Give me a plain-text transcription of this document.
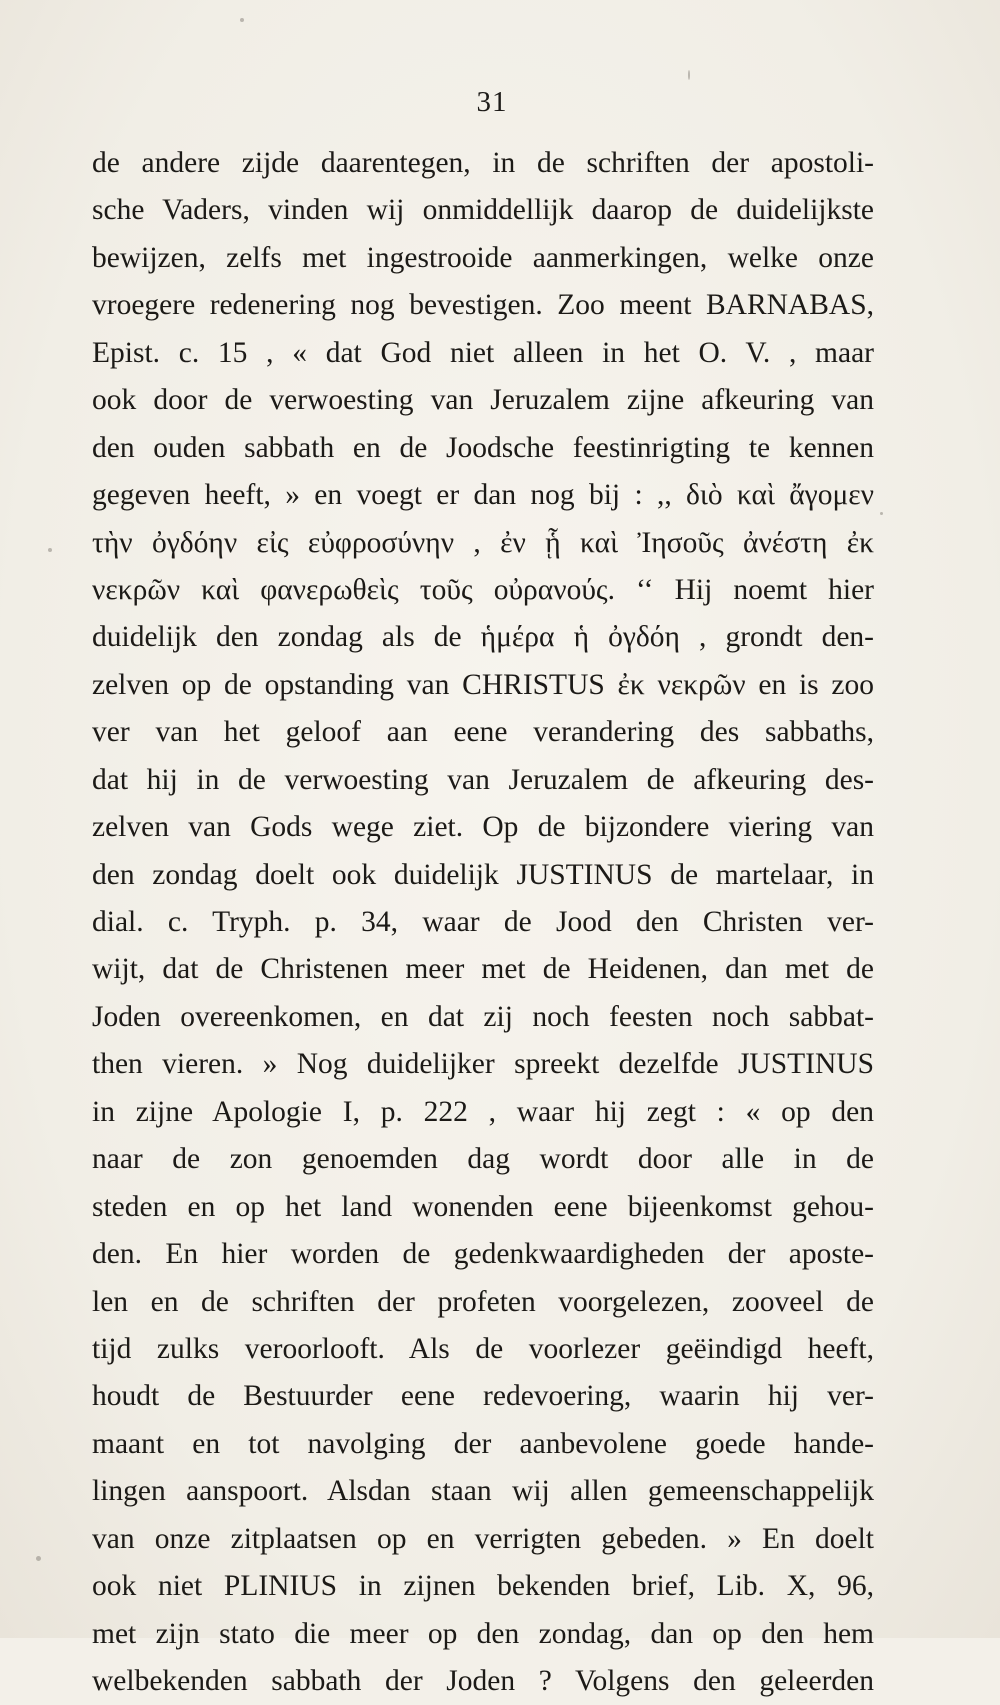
31
de andere zijde daarentegen, in de schriften der apostoli-
sche Vaders, vinden wij onmiddellijk daarop de duidelijkste
bewijzen, zelfs met ingestrooide aanmerkingen, welke onze
vroegere redenering nog bevestigen. Zoo meent BARNABAS,
Epist. c. 15 , « dat God niet alleen in het O. V. , maar
ook door de verwoesting van Jeruzalem zijne afkeuring van
den ouden sabbath en de Joodsche feestinrigting te kennen
gegeven heeft, » en voegt er dan nog bij : ,, διὸ καὶ ἄγομεν
τὴν ὀγδόην εἰς εὐφροσύνην , ἐν ᾗ καὶ Ἰησοῦς ἀνέστη ἐκ
νεκρῶν καὶ φανερωθεὶς τοῦς οὐρανούς. ‘‘ Hij noemt hier
duidelijk den zondag als de ἡμέρα ἡ ὀγδόη , grondt den-
zelven op de opstanding van CHRISTUS ἐκ νεκρῶν en is zoo
ver van het geloof aan eene verandering des sabbaths,
dat hij in de verwoesting van Jeruzalem de afkeuring des-
zelven van Gods wege ziet. Op de bijzondere viering van
den zondag doelt ook duidelijk JUSTINUS de martelaar, in
dial. c. Tryph. p. 34, waar de Jood den Christen ver-
wijt, dat de Christenen meer met de Heidenen, dan met de
Joden overeenkomen, en dat zij noch feesten noch sabbat-
then vieren. » Nog duidelijker spreekt dezelfde JUSTINUS
in zijne Apologie I, p. 222 , waar hij zegt : « op den
naar de zon genoemden dag wordt door alle in de
steden en op het land wonenden eene bijeenkomst gehou-
den. En hier worden de gedenkwaardigheden der aposte-
len en de schriften der profeten voorgelezen, zooveel de
tijd zulks veroorlooft. Als de voorlezer geëindigd heeft,
houdt de Bestuurder eene redevoering, waarin hij ver-
maant en tot navolging der aanbevolene goede hande-
lingen aanspoort. Alsdan staan wij allen gemeenschappelijk
van onze zitplaatsen op en verrigten gebeden. » En doelt
ook niet PLINIUS in zijnen bekenden brief, Lib. X, 96,
met zijn stato die meer op den zondag, dan op den hem
welbekenden sabbath der Joden ? Volgens den geleerden
